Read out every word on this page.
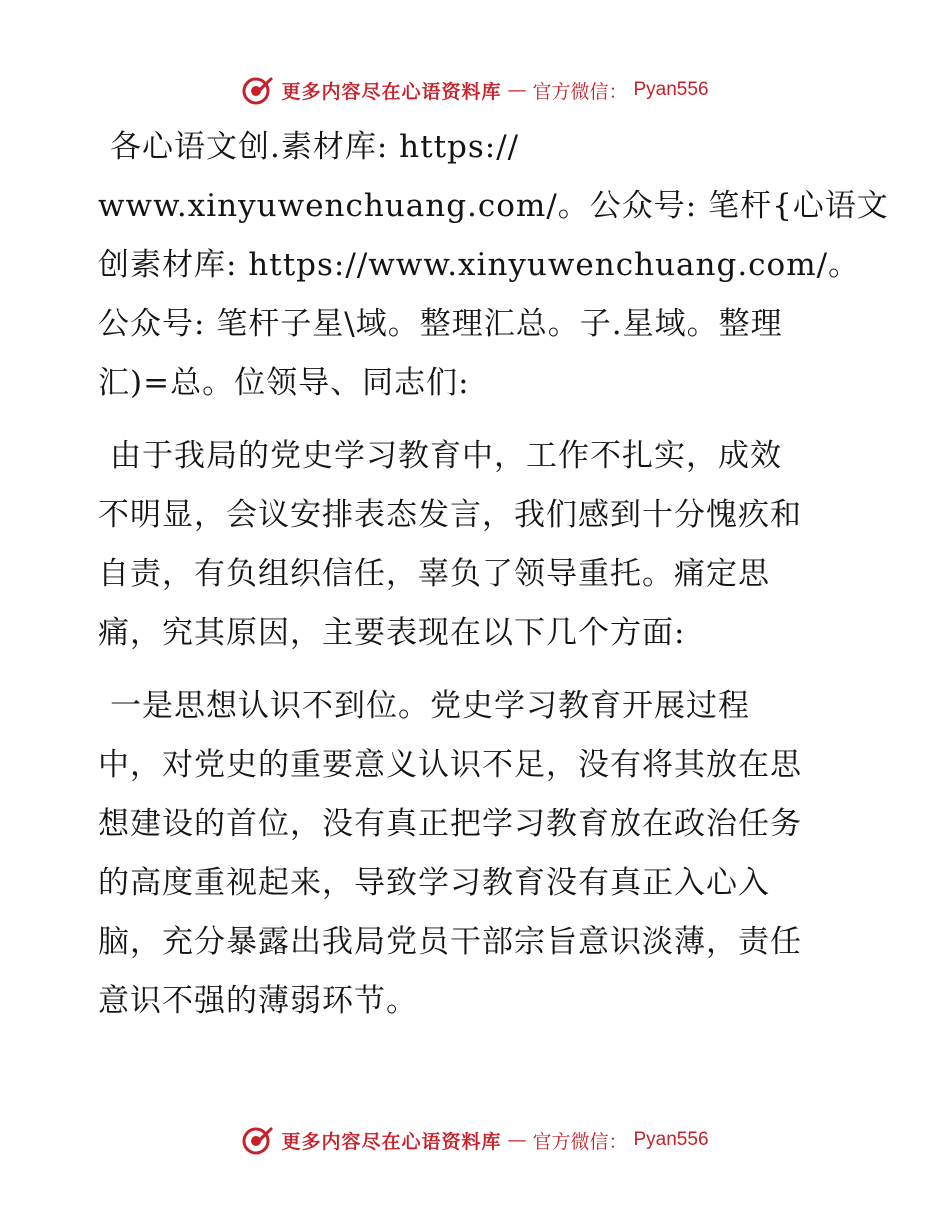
更多内容尽在心语资料库 — 官方微信： Pyan556
各心语文创.素材库: https://
www.xinyuwenchuang.com/。公众号: 笔杆{心语文
创素材库: https://www.xinyuwenchuang.com/。
公众号: 笔杆子星\域。整理汇总。子.星域。整理
汇)=总。位领导、同志们:
由于我局的党史学习教育中，工作不扎实，成效
不明显，会议安排表态发言，我们感到十分愧疚和
自责，有负组织信任，辜负了领导重托。痛定思
痛，究其原因，主要表现在以下几个方面:
一是思想认识不到位。党史学习教育开展过程
中，对党史的重要意义认识不足，没有将其放在思
想建设的首位，没有真正把学习教育放在政治任务
的高度重视起来，导致学习教育没有真正入心入
脑，充分暴露出我局党员干部宗旨意识淡薄，责任
意识不强的薄弱环节。
更多内容尽在心语资料库 — 官方微信： Pyan556
